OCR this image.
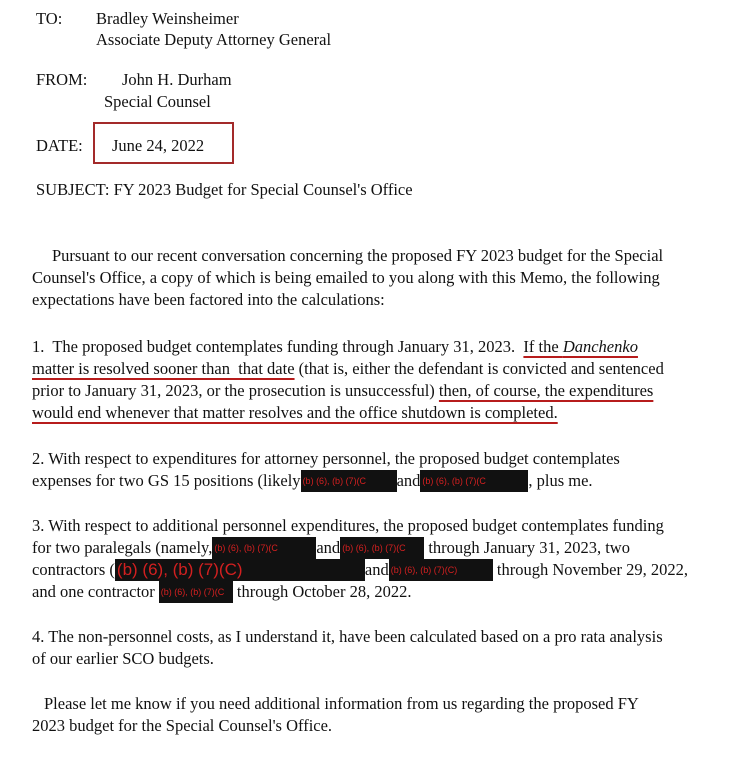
TO: Bradley Weinsheimer
Associate Deputy Attorney General
FROM: John H. Durham
Special Counsel
DATE: June 24, 2022
SUBJECT: FY 2023 Budget for Special Counsel's Office
Pursuant to our recent conversation concerning the proposed FY 2023 budget for the Special
Counsel's Office, a copy of which is being emailed to you along with this Memo, the following
expectations have been factored into the calculations:
1.  The proposed budget contemplates funding through January 31, 2023.  If the Danchenko
matter is resolved sooner than  that date (that is, either the defendant is convicted and sentenced
prior to January 31, 2023, or the prosecution is unsuccessful) then, of course, the expenditures
would end whenever that matter resolves and the office shutdown is completed.
2. With respect to expenditures for attorney personnel, the proposed budget contemplates
expenses for two GS 15 positions (likely (b) (6), (b) (7)(C and (b) (6), (b) (7)(C	, plus me.
3. With respect to additional personnel expenditures, the proposed budget contemplates funding
for two paralegals (namely, (b) (6), (b) (7)(C and (b) (6), (b) (7)(C through January 31, 2023, two
contractors ( (b) (6), (b) (7)(C)	and (b) (6), (b) (7)(C) through November 29, 2022,
and one contractor (b) (6), (b) (7)(C through October 28, 2022.
4. The non-personnel costs, as I understand it, have been calculated based on a pro rata analysis
of our earlier SCO budgets.
Please let me know if you need additional information from us regarding the proposed FY
2023 budget for the Special Counsel's Office.
